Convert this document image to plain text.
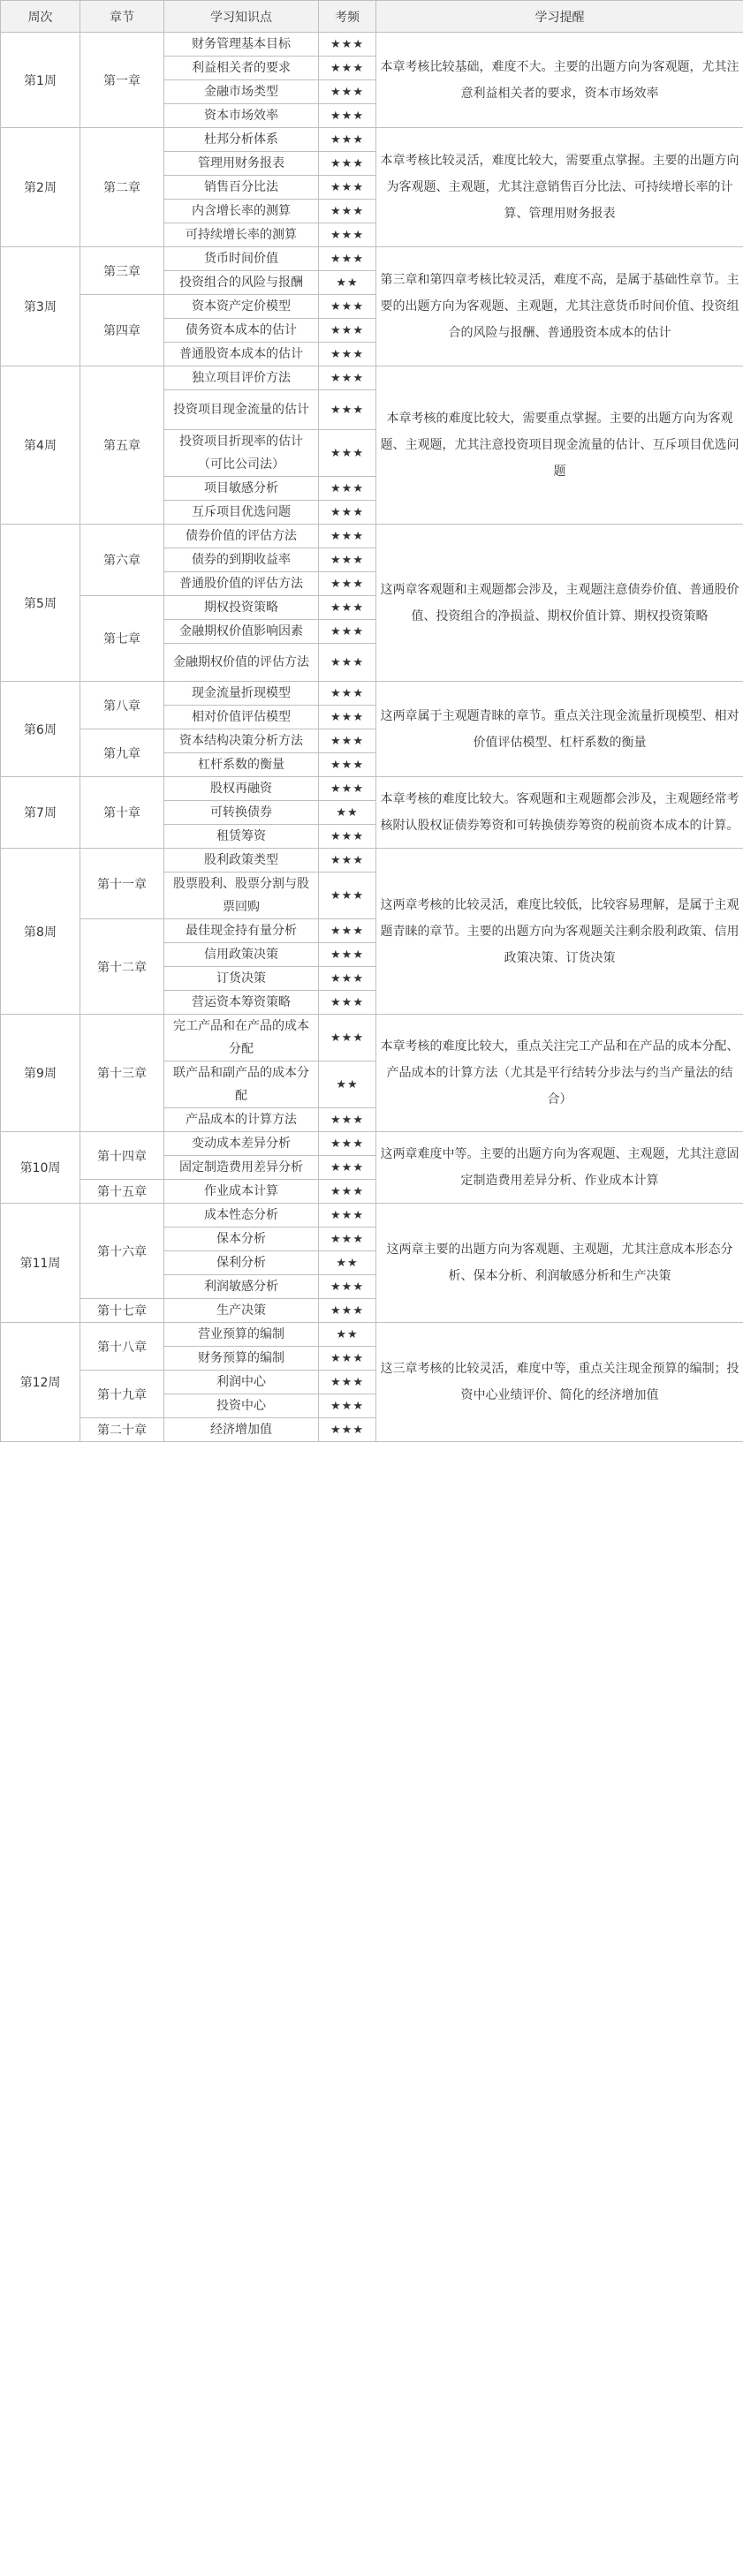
周次	章节	学习知识点	考频	学习提醒
第1周	第一章	财务管理基本目标	★★★	本章考核比较基础，难度不大。主要的出题方向为客观题，尤其注意利益相关者的要求，资本市场效率
		利益相关者的要求	★★★	
		金融市场类型	★★★	
		资本市场效率	★★★	
第2周	第二章	杜邦分析体系	★★★	本章考核比较灵活，难度比较大，需要重点掌握。主要的出题方向为客观题、主观题，尤其注意销售百分比法、可持续增长率的计算、管理用财务报表
		管理用财务报表	★★★	
		销售百分比法	★★★	
		内含增长率的测算	★★★	
		可持续增长率的测算	★★★	
第3周	第三章	货币时间价值	★★★	第三章和第四章考核比较灵活，难度不高，是属于基础性章节。主要的出题方向为客观题、主观题，尤其注意货币时间价值、投资组合的风险与报酬、普通股资本成本的估计
		投资组合的风险与报酬	★★	
	第四章	资本资产定价模型	★★★	
		债务资本成本的估计	★★★	
		普通股资本成本的估计	★★★	
第4周	第五章	独立项目评价方法	★★★	本章考核的难度比较大，需要重点掌握。主要的出题方向为客观题、主观题，尤其注意投资项目现金流量的估计、互斥项目优选问题
		投资项目现金流量的估计	★★★	
		投资项目折现率的估计（可比公司法）	★★★	
		项目敏感分析	★★★	
		互斥项目优选问题	★★★	
第5周	第六章	债券价值的评估方法	★★★	这两章客观题和主观题都会涉及，主观题注意债券价值、普通股价值、投资组合的净损益、期权价值计算、期权投资策略
		债券的到期收益率	★★★	
		普通股价值的评估方法	★★★	
	第七章	期权投资策略	★★★	
		金融期权价值影响因素	★★★	
		金融期权价值的评估方法	★★★	
第6周	第八章	现金流量折现模型	★★★	这两章属于主观题青睐的章节。重点关注现金流量折现模型、相对价值评估模型、杠杆系数的衡量
		相对价值评估模型	★★★	
	第九章	资本结构决策分析方法	★★★	
		杠杆系数的衡量	★★★	
第7周	第十章	股权再融资	★★★	本章考核的难度比较大。客观题和主观题都会涉及，主观题经常考核附认股权证债券筹资和可转换债券筹资的税前资本成本的计算。
		可转换债券	★★	
		租赁筹资	★★★	
第8周	第十一章	股利政策类型	★★★	这两章考核的比较灵活，难度比较低，比较容易理解，是属于主观题青睐的章节。主要的出题方向为客观题关注剩余股利政策、信用政策决策、订货决策
		股票股利、股票分割与股票回购	★★★	
	第十二章	最佳现金持有量分析	★★★	
		信用政策决策	★★★	
		订货决策	★★★	
		营运资本筹资策略	★★★	
第9周	第十三章	完工产品和在产品的成本分配	★★★	本章考核的难度比较大，重点关注完工产品和在产品的成本分配、产品成本的计算方法（尤其是平行结转分步法与约当产量法的结合）
		联产品和副产品的成本分配	★★	
		产品成本的计算方法	★★★	
第10周	第十四章	变动成本差异分析	★★★	这两章难度中等。主要的出题方向为客观题、主观题，尤其注意固定制造费用差异分析、作业成本计算
		固定制造费用差异分析	★★★	
	第十五章	作业成本计算	★★★	
第11周	第十六章	成本性态分析	★★★	这两章主要的出题方向为客观题、主观题，尤其注意成本形态分析、保本分析、利润敏感分析和生产决策
		保本分析	★★★	
		保利分析	★★	
		利润敏感分析	★★★	
	第十七章	生产决策	★★★	
第12周	第十八章	营业预算的编制	★★	这三章考核的比较灵活，难度中等，重点关注现金预算的编制；投资中心业绩评价、简化的经济增加值
		财务预算的编制	★★★	
	第十九章	利润中心	★★★	
		投资中心	★★★	
	第二十章	经济增加值	★★★	
